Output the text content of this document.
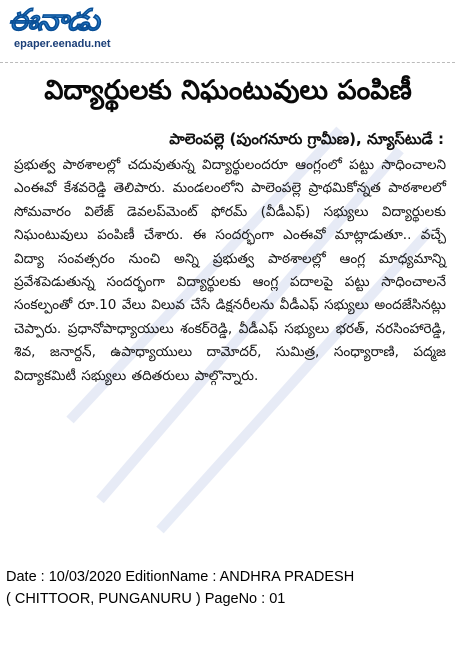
ఈనాడు
epaper.eenadu.net
విద్యార్థులకు నిఘంటువులు పంపిణీ
పాలెంపల్లె (పుంగనూరు గ్రామీణ), న్యూస్‌టుడే :

ప్రభుత్వ పాఠశాలల్లో చదువుతున్న విద్యార్థులందరూ ఆంగ్లంలో పట్టు సాధించాలని ఎంఈవో కేశవరెడ్డి తెలిపారు. మండలంలోని పాలెంపల్లె ప్రాథమికోన్నత పాఠశాలలో సోమవారం విలేజ్ డెవలప్‌మెంట్ ఫోరమ్ (వీడీఎఫ్) సభ్యులు విద్యార్థులకు నిఘంటువులు పంపిణీ చేశారు. ఈ సందర్భంగా ఎంఈవో మాట్లాడుతూ.. వచ్చే విద్యా సంవత్సరం నుంచి అన్ని ప్రభుత్వ పాఠశాలల్లో ఆంగ్ల మాధ్యమాన్ని ప్రవేశపెడుతున్న సందర్భంగా విద్యార్థులకు ఆంగ్ల పదాలపై పట్టు సాధించాలనే సంకల్పంతో రూ.10 వేలు విలువ చేసే డిక్షనరీలను వీడీఎఫ్ సభ్యులు అందజేసినట్లు చెప్పారు. ప్రధానోపాధ్యాయులు శంకర్‌రెడ్డి, వీడీఎఫ్ సభ్యులు భరత్, నరసింహారెడ్డి, శివ, జనార్దన్, ఉపాధ్యాయులు దామోదర్, సుమిత్ర, సంధ్యారాణి, పద్మజ విద్యాకమిటీ సభ్యులు తదితరులు పాల్గొన్నారు.

Date : 10/03/2020 EditionName : ANDHRA PRADESH
( CHITTOOR, PUNGANURU ) PageNo : 01
